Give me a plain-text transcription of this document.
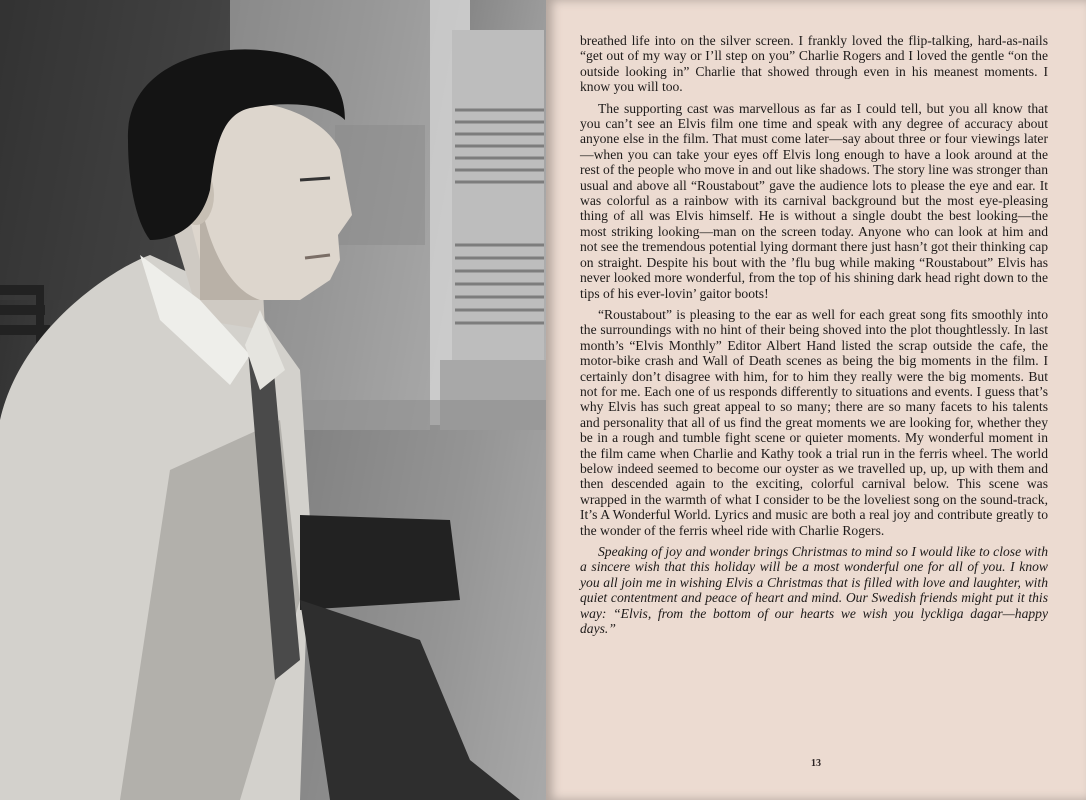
breathed life into on the silver screen. I frankly loved the flip-talking, hard-as-nails “get out of my way or I’ll step on you” Charlie Rogers and I loved the gentle “on the outside looking in” Charlie that showed through even in his meanest moments. I know you will too.

The supporting cast was marvellous as far as I could tell, but you all know that you can’t see an Elvis film one time and speak with any degree of accuracy about anyone else in the film. That must come later—say about three or four viewings later—when you can take your eyes off Elvis long enough to have a look around at the rest of the people who move in and out like shadows. The story line was stronger than usual and above all “Roustabout” gave the audience lots to please the eye and ear. It was colorful as a rainbow with its carnival background but the most eye-pleasing thing of all was Elvis himself. He is without a single doubt the best looking—the most striking looking—man on the screen today. Anyone who can look at him and not see the tremendous potential lying dormant there just hasn’t got their thinking cap on straight. Despite his bout with the ’flu bug while making “Roustabout” Elvis has never looked more wonderful, from the top of his shining dark head right down to the tips of his ever-lovin’ gaitor boots!

“Roustabout” is pleasing to the ear as well for each great song fits smoothly into the surroundings with no hint of their being shoved into the plot thoughtlessly. In last month’s “Elvis Monthly” Editor Albert Hand listed the scrap outside the cafe, the motor-bike crash and Wall of Death scenes as being the big moments in the film. I certainly don’t disagree with him, for to him they really were the big moments. But not for me. Each one of us responds differently to situations and events. I guess that’s why Elvis has such great appeal to so many; there are so many facets to his talents and personality that all of us find the great moments we are looking for, whether they be in a rough and tumble fight scene or quieter moments. My wonderful moment in the film came when Charlie and Kathy took a trial run in the ferris wheel. The world below indeed seemed to become our oyster as we travelled up, up, up with them and then descended again to the exciting, colorful carnival below. This scene was wrapped in the warmth of what I consider to be the loveliest song on the sound-track, It’s A Wonderful World. Lyrics and music are both a real joy and contribute greatly to the wonder of the ferris wheel ride with Charlie Rogers.

Speaking of joy and wonder brings Christmas to mind so I would like to close with a sincere wish that this holiday will be a most wonderful one for all of you. I know you all join me in wishing Elvis a Christmas that is filled with love and laughter, with quiet contentment and peace of heart and mind. Our Swedish friends might put it this way: “Elvis, from the bottom of our hearts we wish you lyckliga dagar—happy days.”

13
